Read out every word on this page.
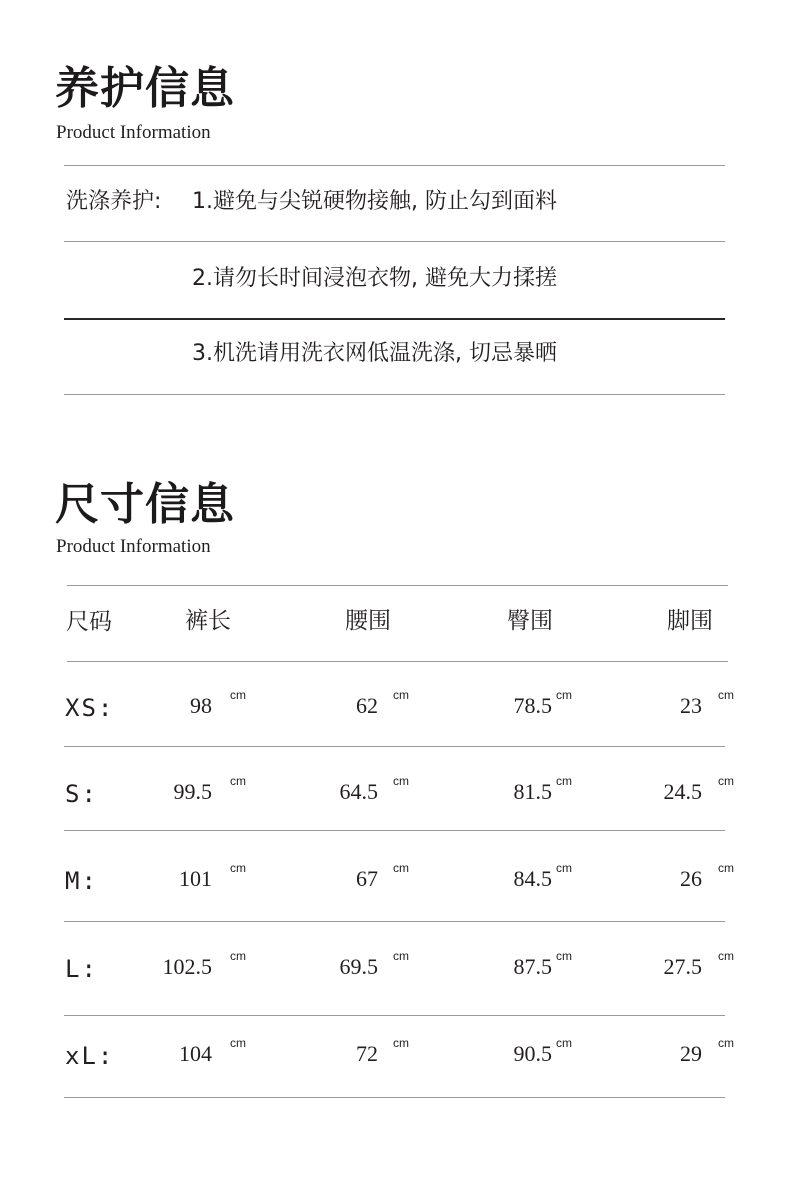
养护信息
Product Information
洗涤养护: 1.避免与尖锐硬物接触, 防止勾到面料
2.请勿长时间浸泡衣物, 避免大力揉搓
3.机洗请用洗衣网低温洗涤, 切忌暴晒
尺寸信息
Product Information
尺码	裤长	腰围	臀围	脚围
XS:	98 cm	62 cm	78.5 cm	23 cm
S:	99.5 cm	64.5 cm	81.5 cm	24.5 cm
M:	101 cm	67 cm	84.5 cm	26 cm
L:	102.5 cm	69.5 cm	87.5 cm	27.5 cm
xL:	104 cm	72 cm	90.5 cm	29 cm
